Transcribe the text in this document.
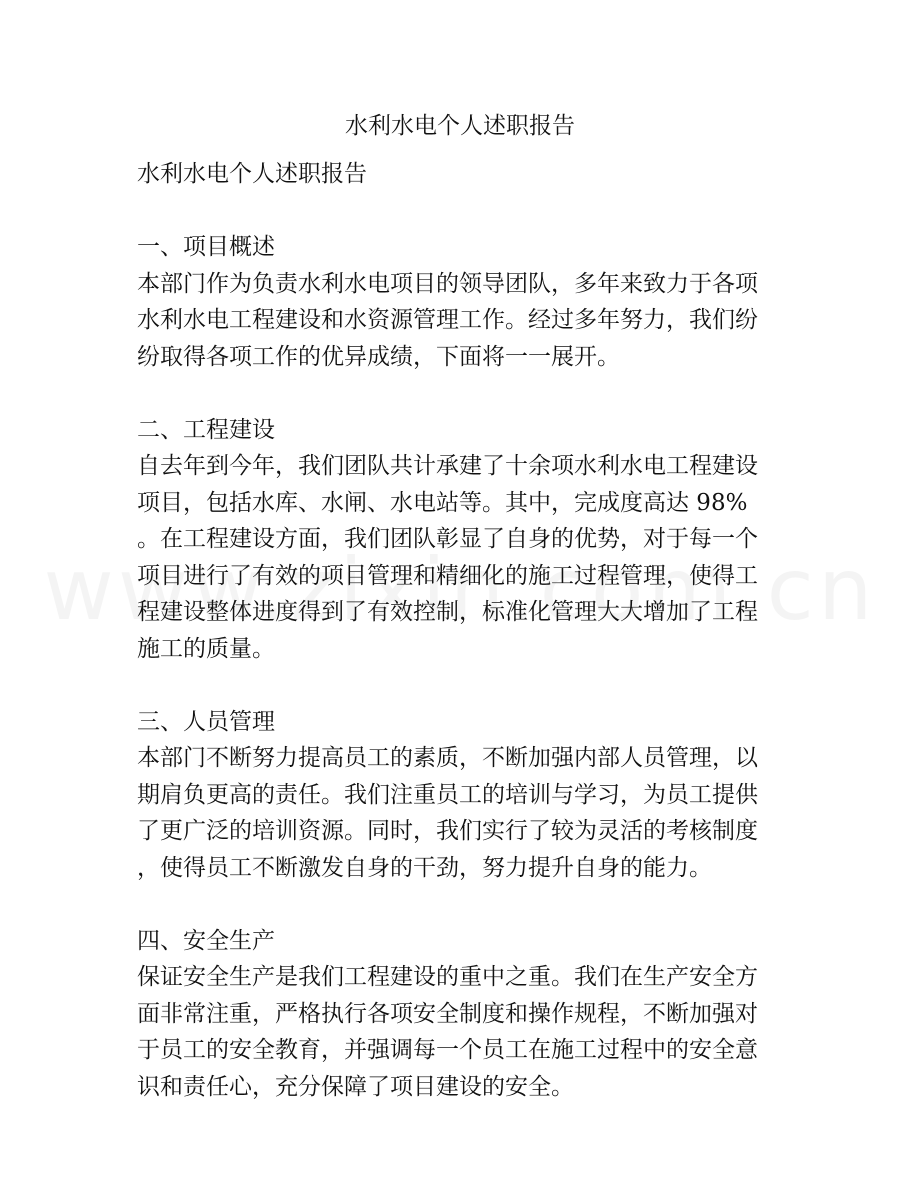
水利水电个人述职报告
水利水电个人述职报告
一、项目概述
本部门作为负责水利水电项目的领导团队，多年来致力于各项
水利水电工程建设和水资源管理工作。经过多年努力，我们纷
纷取得各项工作的优异成绩，下面将一一展开。
二、工程建设
自去年到今年，我们团队共计承建了十余项水利水电工程建设
项目，包括水库、水闸、水电站等。其中，完成度高达 98%
。在工程建设方面，我们团队彰显了自身的优势，对于每一个
项目进行了有效的项目管理和精细化的施工过程管理，使得工
程建设整体进度得到了有效控制，标准化管理大大增加了工程
施工的质量。
三、人员管理
本部门不断努力提高员工的素质，不断加强内部人员管理，以
期肩负更高的责任。我们注重员工的培训与学习，为员工提供
了更广泛的培训资源。同时，我们实行了较为灵活的考核制度
，使得员工不断激发自身的干劲，努力提升自身的能力。
四、安全生产
保证安全生产是我们工程建设的重中之重。我们在生产安全方
面非常注重，严格执行各项安全制度和操作规程，不断加强对
于员工的安全教育，并强调每一个员工在施工过程中的安全意
识和责任心，充分保障了项目建设的安全。
